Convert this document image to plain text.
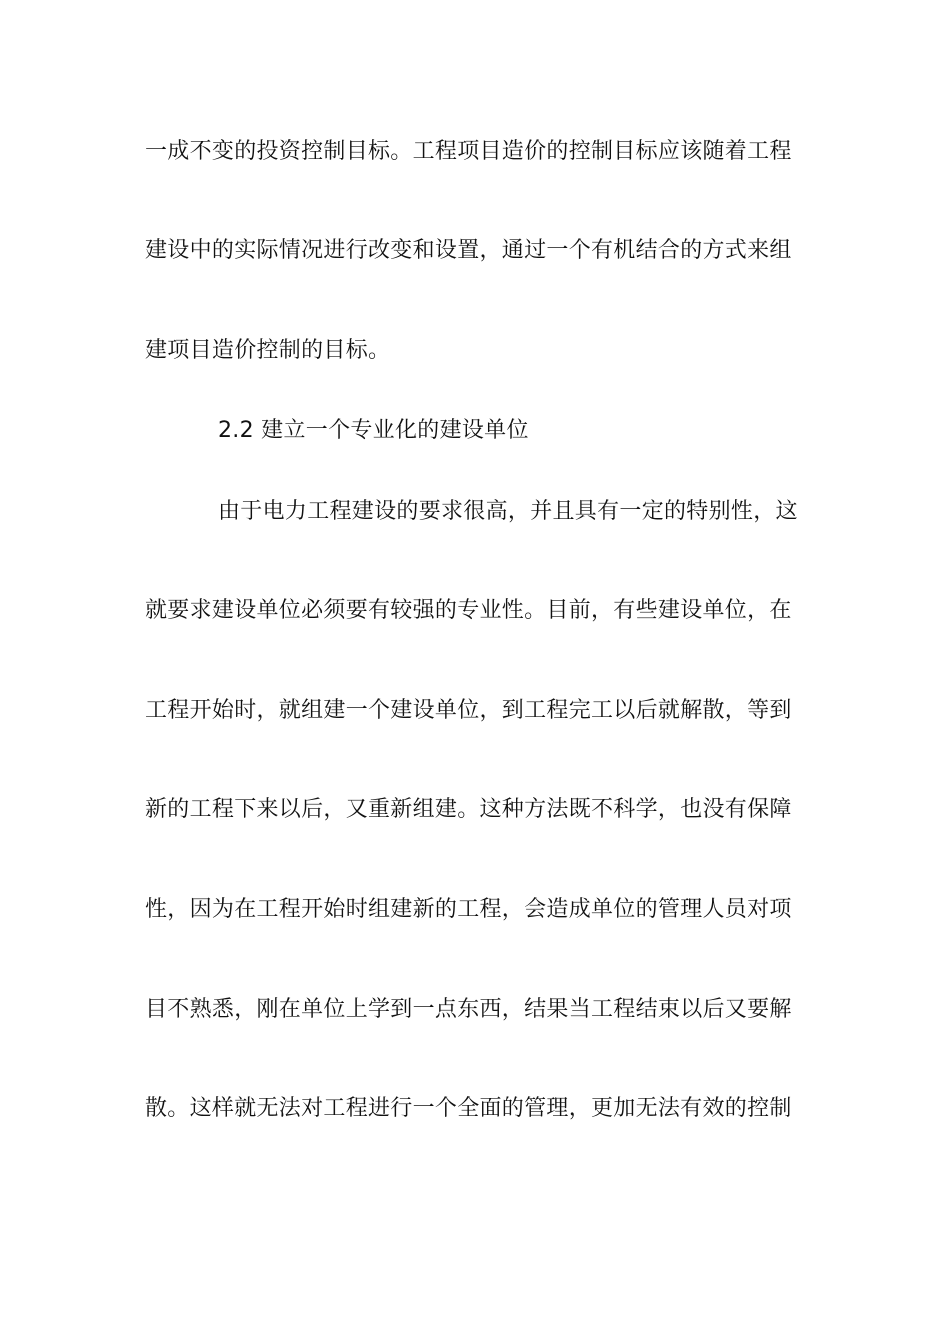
一成不变的投资控制目标。工程项目造价的控制目标应该随着工程
建设中的实际情况进行改变和设置，通过一个有机结合的方式来组
建项目造价控制的目标。
2.2 建立一个专业化的建设单位
由于电力工程建设的要求很高，并且具有一定的特别性，这
就要求建设单位必须要有较强的专业性。目前，有些建设单位，在
工程开始时，就组建一个建设单位，到工程完工以后就解散，等到
新的工程下来以后，又重新组建。这种方法既不科学，也没有保障
性，因为在工程开始时组建新的工程，会造成单位的管理人员对项
目不熟悉，刚在单位上学到一点东西，结果当工程结束以后又要解
散。这样就无法对工程进行一个全面的管理，更加无法有效的控制
